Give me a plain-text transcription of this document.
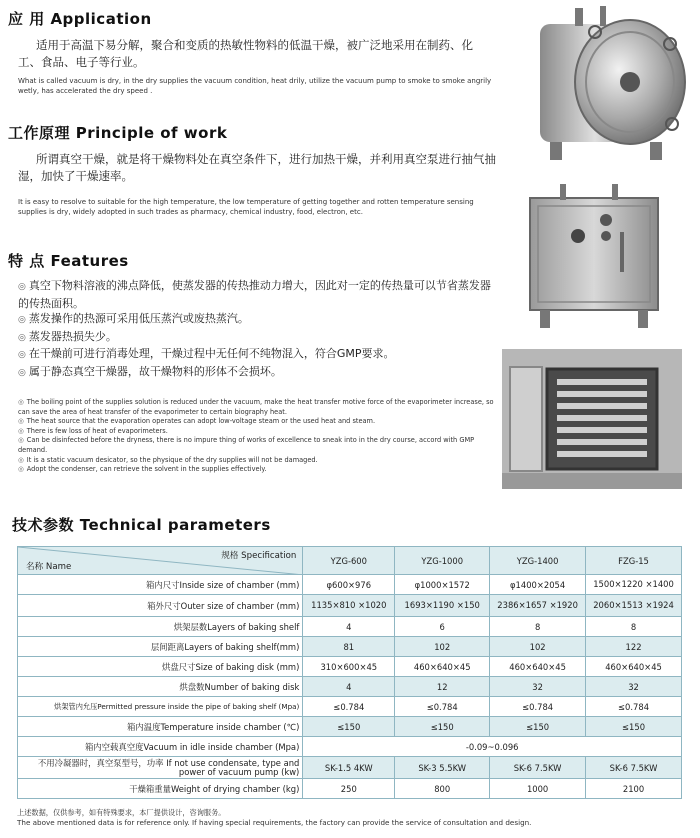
应 用 Application
适用于高温下易分解，聚合和变质的热敏性物料的低温干燥，被广泛地采用在制药、化工、食品、电子等行业。
What is called vacuum is dry, in the dry supplies the vacuum condition, heat drily, utilize the vacuum pump to smoke to smoke angrily wetly, has accelerated the dry speed .
工作原理 Principle of work
所谓真空干燥，就是将干燥物料处在真空条件下，进行加热干燥，并利用真空泵进行抽气抽湿，加快了干燥速率。
It is easy to resolve to suitable for the high temperature, the low temperature of getting together and rotten temperature sensing supplies is dry, widely adopted in such trades as pharmacy, chemical industry, food, electron, etc.
特 点 Features
◎ 真空下物料溶液的沸点降低，使蒸发器的传热推动力增大，因此对一定的传热量可以节省蒸发器的传热面积。
◎ 蒸发操作的热源可采用低压蒸汽或废热蒸汽。
◎ 蒸发器热损失少。
◎ 在干燥前可进行消毒处理，干燥过程中无任何不纯物混入，符合GMP要求。
◎ 属于静态真空干燥器，故干燥物料的形体不会损坏。
◎ The boiling point of the supplies solution is reduced under the vacuum, make the heat transfer motive force of the evaporimeter increase, so can save the area of heat transfer of the evaporimeter to certain biography heat.
◎ The heat source that the evaporation operates can adopt low-voltage steam or the used heat and steam.
◎ There is few loss of heat of evaporimeters.
◎ Can be disinfected before the dryness, there is no impure thing of works of excellence to sneak into in the dry course, accord with GMP demand.
◎ It is a static vacuum desicator, so the physique of the dry supplies will not be damaged.
◎ Adopt the condenser, can retrieve the solvent in the supplies effectively.
技术参数 Technical parameters
规格 Specification
名称 Name	YZG-600	YZG-1000	YZG-1400	FZG-15
箱内尺寸Inside size of chamber (mm)	φ600×976	φ1000×1572	φ1400×2054	1500×1220 ×1400
箱外尺寸Outer size of chamber (mm)	1135×810 ×1020	1693×1190 ×150	2386×1657 ×1920	2060×1513 ×1924
烘架层数Layers of baking shelf	4	6	8	8
层间距离Layers of baking shelf(mm)	81	102	102	122
烘盘尺寸Size of baking disk (mm)	310×600×45	460×640×45	460×640×45	460×640×45
烘盘数Number of baking disk	4	12	32	32
烘架管内允压Permitted pressure inside the pipe of baking shelf (Mpa)	≤0.784	≤0.784	≤0.784	≤0.784
箱内温度Temperature inside chamber (℃)	≤150	≤150	≤150	≤150
箱内空载真空度Vacuum in idle inside chamber (Mpa)	-0.09~0.096			
不用冷凝器时，真空泵型号，功率 If not use condensate, type and power of vacuum pump (kw)	SK-1.5 4KW	SK-3 5.5KW	SK-6 7.5KW	SK-6 7.5KW
干燥箱重量Weight of drying chamber (kg)	250	800	1000	2100
上述数据，仅供参考，如有特殊要求，本厂提供设计，咨询服务。
The above mentioned data is for reference only. If having special requirements, the factory can provide the service of consultation and design.
